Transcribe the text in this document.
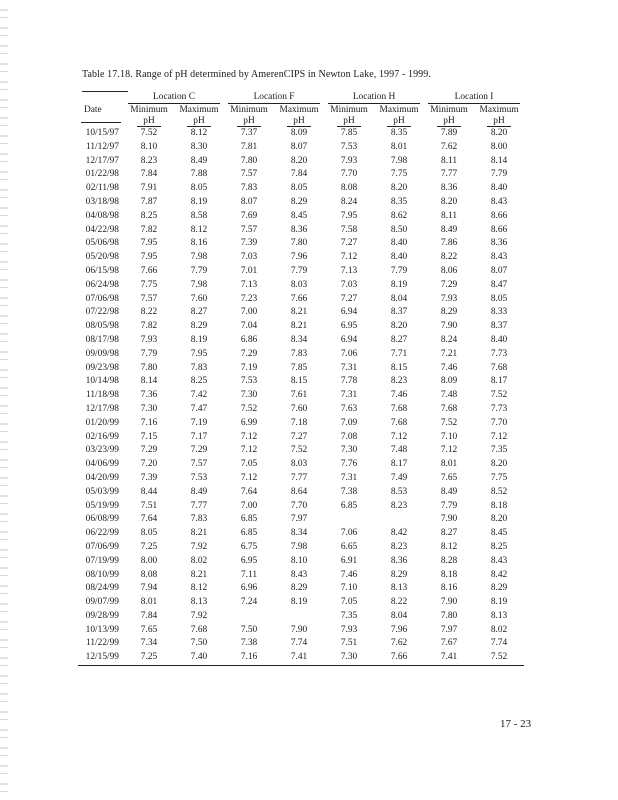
Table 17.18. Range of pH determined by AmerenCIPS in Newton Lake, 1997 - 1999.

	Location C		Location F		Location H		Location I	

Date	Minimum	Maximum	Minimum	Maximum	Minimum	Maximum	Minimum	Maximum
	pH	pH	pH	pH	pH	pH	pH	pH
10/15/97	7.52	8.12	7.37	8.09	7.85	8.35	7.89	8.20
11/12/97	8.10	8.30	7.81	8.07	7.53	8.01	7.62	8.00
12/17/97	8.23	8.49	7.80	8.20	7.93	7.98	8.11	8.14
01/22/98	7.84	7.88	7.57	7.84	7.70	7.75	7.77	7.79
02/11/98	7.91	8.05	7.83	8.05	8.08	8.20	8.36	8.40
03/18/98	7.87	8.19	8.07	8.29	8.24	8.35	8.20	8.43
04/08/98	8.25	8.58	7.69	8.45	7.95	8.62	8.11	8.66
04/22/98	7.82	8.12	7.57	8.36	7.58	8.50	8.49	8.66
05/06/98	7.95	8.16	7.39	7.80	7.27	8.40	7.86	8.36
05/20/98	7.95	7.98	7.03	7.96	7.12	8.40	8.22	8.43
06/15/98	7.66	7.79	7.01	7.79	7.13	7.79	8.06	8.07
06/24/98	7.75	7.98	7.13	8.03	7.03	8.19	7.29	8.47
07/06/98	7.57	7.60	7.23	7.66	7.27	8.04	7.93	8.05
07/22/98	8.22	8.27	7.00	8.21	6.94	8.37	8.29	8.33
08/05/98	7.82	8.29	7.04	8.21	6.95	8.20	7.90	8.37
08/17/98	7.93	8.19	6.86	8.34	6.94	8.27	8.24	8.40
09/09/98	7.79	7.95	7.29	7.83	7.06	7.71	7.21	7.73
09/23/98	7.80	7.83	7.19	7.85	7.31	8.15	7.46	7.68
10/14/98	8.14	8.25	7.53	8.15	7.78	8.23	8.09	8.17
11/18/98	7.36	7.42	7.30	7.61	7.31	7.46	7.48	7.52
12/17/98	7.30	7.47	7.52	7.60	7.63	7.68	7.68	7.73
01/20/99	7.16	7.19	6.99	7.18	7.09	7.68	7.52	7.70
02/16/99	7.15	7.17	7.12	7.27	7.08	7.12	7.10	7.12
03/23/99	7.29	7.29	7.12	7.52	7.30	7.48	7.12	7.35
04/06/99	7.20	7.57	7.05	8.03	7.76	8.17	8.01	8.20
04/20/99	7.39	7.53	7.12	7.77	7.31	7.49	7.65	7.75
05/03/99	8.44	8.49	7.64	8.64	7.38	8.53	8.49	8.52
05/19/99	7.51	7.77	7.00	7.70	6.85	8.23	7.79	8.18
06/08/99	7.64	7.83	6.85	7.97			7.90	8.20
06/22/99	8.05	8.21	6.85	8.34	7.06	8.42	8.27	8.45
07/06/99	7.25	7.92	6.75	7.98	6.65	8.23	8.12	8.25
07/19/99	8.00	8.02	6.95	8.10	6.91	8.36	8.28	8.43
08/10/99	8.08	8.21	7.11	8.43	7.46	8.29	8.18	8.42
08/24/99	7.94	8.12	6.96	8.29	7.10	8.13	8.16	8.29
09/07/99	8.01	8.13	7.24	8.19	7.05	8.22	7.90	8.19
09/28/99	7.84	7.92			7.35	8.04	7.80	8.13
10/13/99	7.65	7.68	7.50	7.90	7.93	7.96	7.97	8.02
11/22/99	7.34	7.50	7.38	7.74	7.51	7.62	7.67	7.74
12/15/99	7.25	7.40	7.16	7.41	7.30	7.66	7.41	7.52
17 - 23
